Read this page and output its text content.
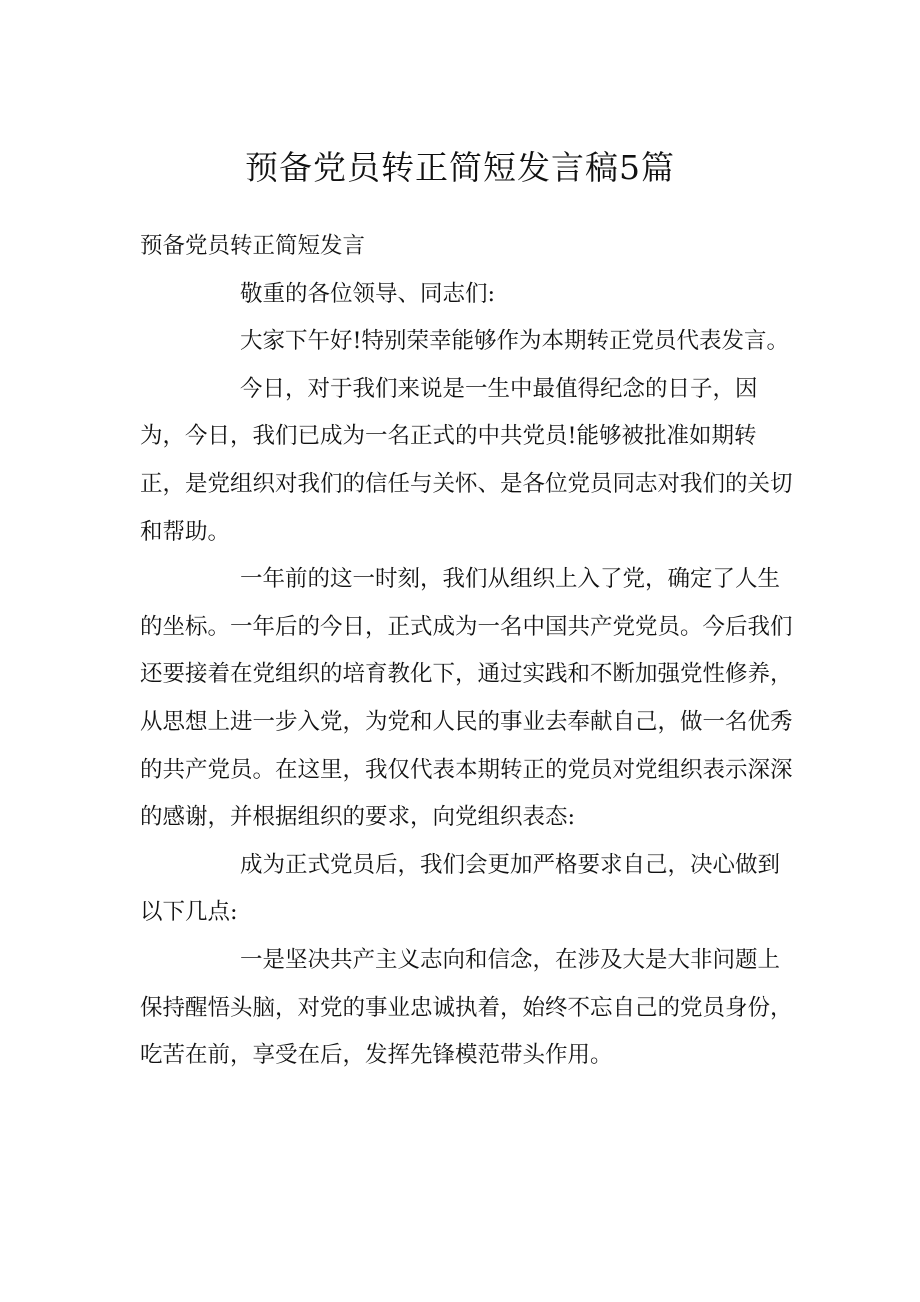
预备党员转正简短发言稿5篇

预备党员转正简短发言

敬重的各位领导、同志们:

大家下午好!特别荣幸能够作为本期转正党员代表发言。

今日，对于我们来说是一生中最值得纪念的日子，因为，今日，我们已成为一名正式的中共党员!能够被批准如期转正，是党组织对我们的信任与关怀、是各位党员同志对我们的关切和帮助。

一年前的这一时刻，我们从组织上入了党，确定了人生的坐标。一年后的今日，正式成为一名中国共产党党员。今后我们还要接着在党组织的培育教化下，通过实践和不断加强党性修养，从思想上进一步入党，为党和人民的事业去奉献自己，做一名优秀的共产党员。在这里，我仅代表本期转正的党员对党组织表示深深的感谢，并根据组织的要求，向党组织表态:

成为正式党员后，我们会更加严格要求自己，决心做到以下几点:

一是坚决共产主义志向和信念，在涉及大是大非问题上保持醒悟头脑，对党的事业忠诚执着，始终不忘自己的党员身份，吃苦在前，享受在后，发挥先锋模范带头作用。
